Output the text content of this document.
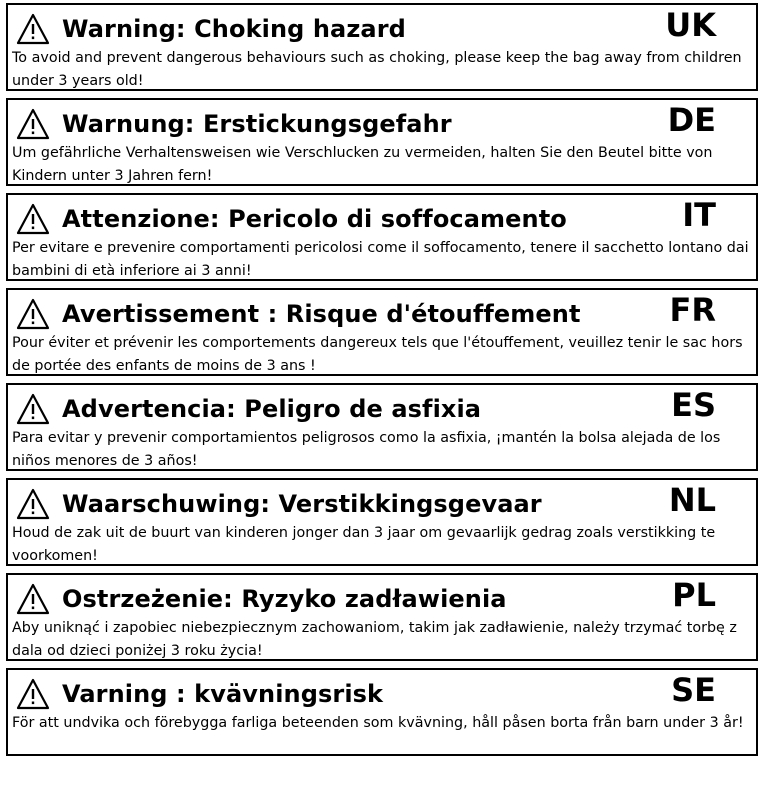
Warning: Choking hazard	UK
To avoid and prevent dangerous behaviours such as choking, please keep the bag away from children under 3 years old!
Warnung: Erstickungsgefahr	DE
Um gefährliche Verhaltensweisen wie Verschlucken zu vermeiden, halten Sie den Beutel bitte von Kindern unter 3 Jahren fern!
Attenzione: Pericolo di soffocamento	IT
Per evitare e prevenire comportamenti pericolosi come il soffocamento, tenere il sacchetto lontano dai bambini di età inferiore ai 3 anni!
Avertissement : Risque d'étouffement	FR
Pour éviter et prévenir les comportements dangereux tels que l'étouffement, veuillez tenir le sac hors de portée des enfants de moins de 3 ans !
Advertencia: Peligro de asfixia	ES
Para evitar y prevenir comportamientos peligrosos como la asfixia, ¡mantén la bolsa alejada de los niños menores de 3 años!
Waarschuwing: Verstikkingsgevaar	NL
Houd de zak uit de buurt van kinderen jonger dan 3 jaar om gevaarlijk gedrag zoals verstikking te voorkomen!
Ostrzeżenie: Ryzyko zadławienia	PL
Aby uniknąć i zapobiec niebezpiecznym zachowaniom, takim jak zadławienie, należy trzymać torbę z dala od dzieci poniżej 3 roku życia!
Varning : kvävningsrisk	SE
För att undvika och förebygga farliga beteenden som kvävning, håll påsen borta från barn under 3 år!
